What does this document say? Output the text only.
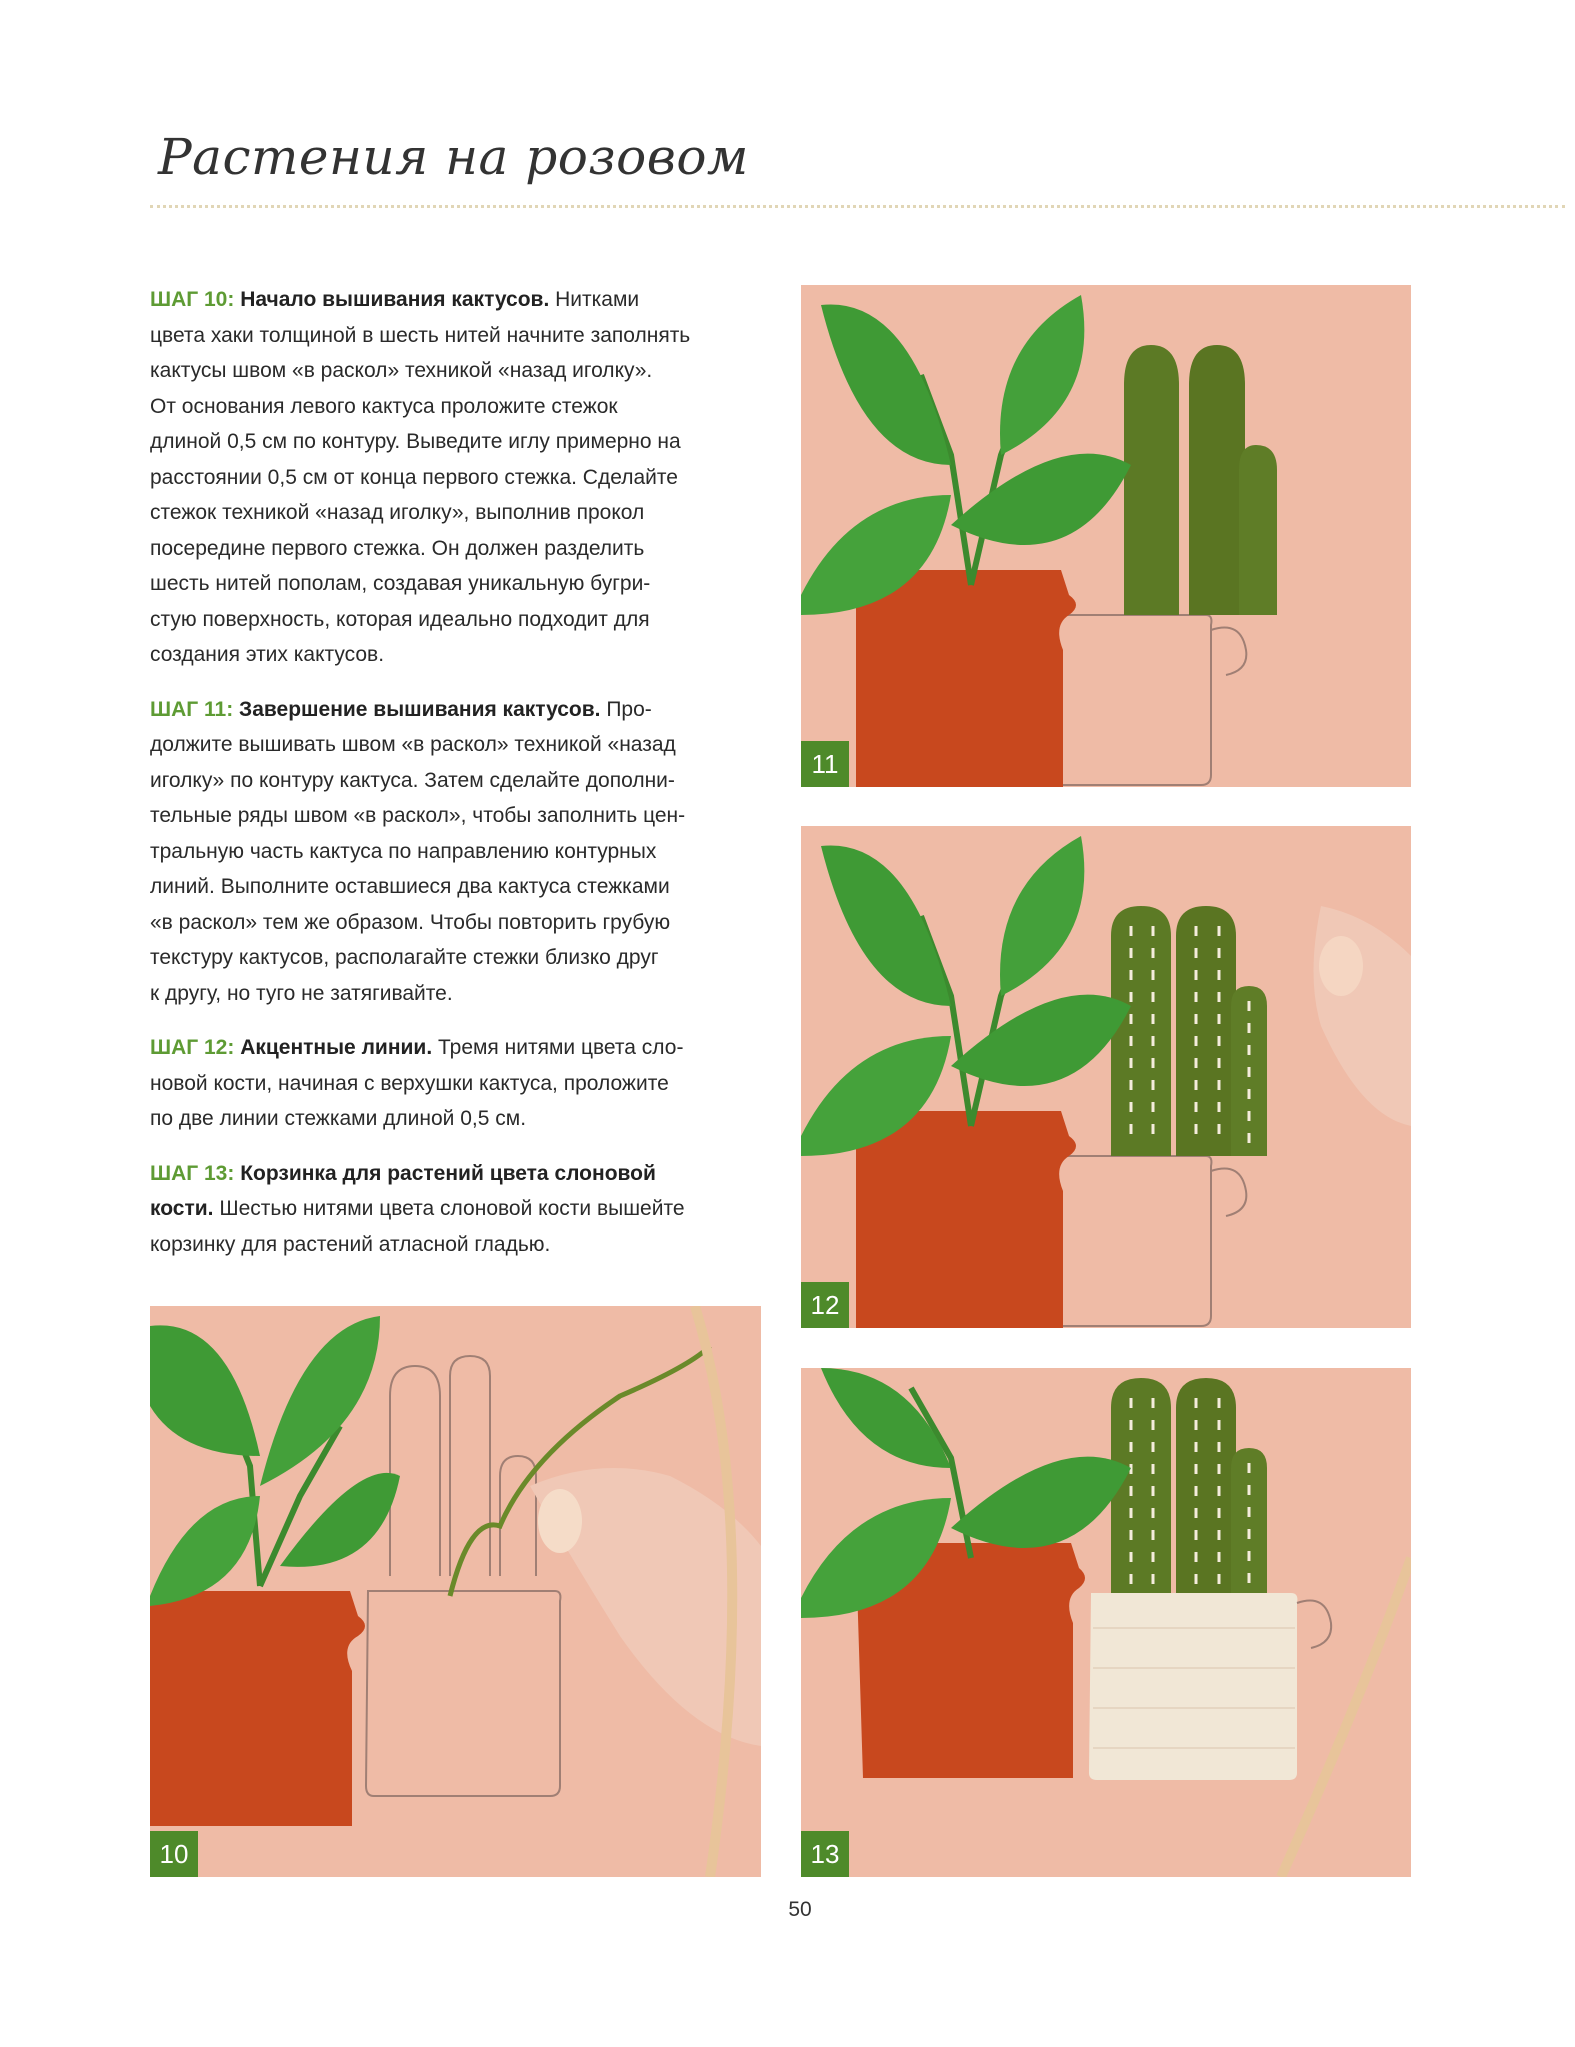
Растения на розовом

ШАГ 10: Начало вышивания кактусов. Нитками
цвета хаки толщиной в шесть нитей начните заполнять
кактусы швом «в раскол» техникой «назад иголку».
От основания левого кактуса проложите стежок
длиной 0,5 см по контуру. Выведите иглу примерно на
расстоянии 0,5 см от конца первого стежка. Сделайте
стежок техникой «назад иголку», выполнив прокол
посередине первого стежка. Он должен разделить
шесть нитей пополам, создавая уникальную бугри-
стую поверхность, которая идеально подходит для
создания этих кактусов.

ШАГ 11: Завершение вышивания кактусов. Про-
должите вышивать швом «в раскол» техникой «назад
иголку» по контуру кактуса. Затем сделайте дополни-
тельные ряды швом «в раскол», чтобы заполнить цен-
тральную часть кактуса по направлению контурных
линий. Выполните оставшиеся два кактуса стежками
«в раскол» тем же образом. Чтобы повторить грубую
текстуру кактусов, располагайте стежки близко друг
к другу, но туго не затягивайте.

ШАГ 12: Акцентные линии. Тремя нитями цвета сло-
новой кости, начиная с верхушки кактуса, проложите
по две линии стежками длиной 0,5 см.

ШАГ 13: Корзинка для растений цвета слоновой
кости. Шестью нитями цвета слоновой кости вышейте
корзинку для растений атласной гладью.

11
12
13
10
50
